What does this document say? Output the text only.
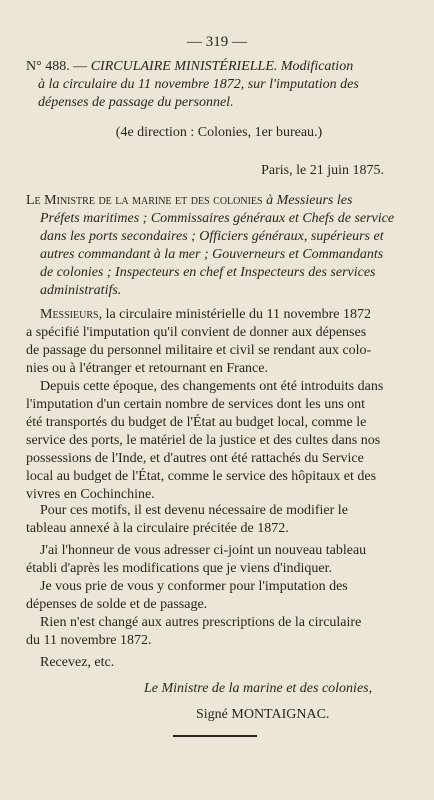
— 319 —
N° 488. — CIRCULAIRE MINISTÉRIELLE. Modification
à la circulaire du 11 novembre 1872, sur l'imputation des
dépenses de passage du personnel.
(4e direction : Colonies, 1er bureau.)
Paris, le 21 juin 1875.
Le Ministre de la marine et des colonies à Messieurs les
Préfets maritimes ; Commissaires généraux et Chefs de service
dans les ports secondaires ; Officiers généraux, supérieurs et
autres commandant à la mer ; Gouverneurs et Commandants
de colonies ; Inspecteurs en chef et Inspecteurs des services
administratifs.
Messieurs, la circulaire ministérielle du 11 novembre 1872
a spécifié l'imputation qu'il convient de donner aux dépenses
de passage du personnel militaire et civil se rendant aux colo-
nies ou à l'étranger et retournant en France.
Depuis cette époque, des changements ont été introduits dans
l'imputation d'un certain nombre de services dont les uns ont
été transportés du budget de l'État au budget local, comme le
service des ports, le matériel de la justice et des cultes dans nos
possessions de l'Inde, et d'autres ont été rattachés du Service
local au budget de l'État, comme le service des hôpitaux et des
vivres en Cochinchine.
Pour ces motifs, il est devenu nécessaire de modifier le
tableau annexé à la circulaire précitée de 1872.
J'ai l'honneur de vous adresser ci-joint un nouveau tableau
établi d'après les modifications que je viens d'indiquer.
Je vous prie de vous y conformer pour l'imputation des
dépenses de solde et de passage.
Rien n'est changé aux autres prescriptions de la circulaire
du 11 novembre 1872.
Recevez, etc.
Le Ministre de la marine et des colonies,
Signé MONTAIGNAC.
